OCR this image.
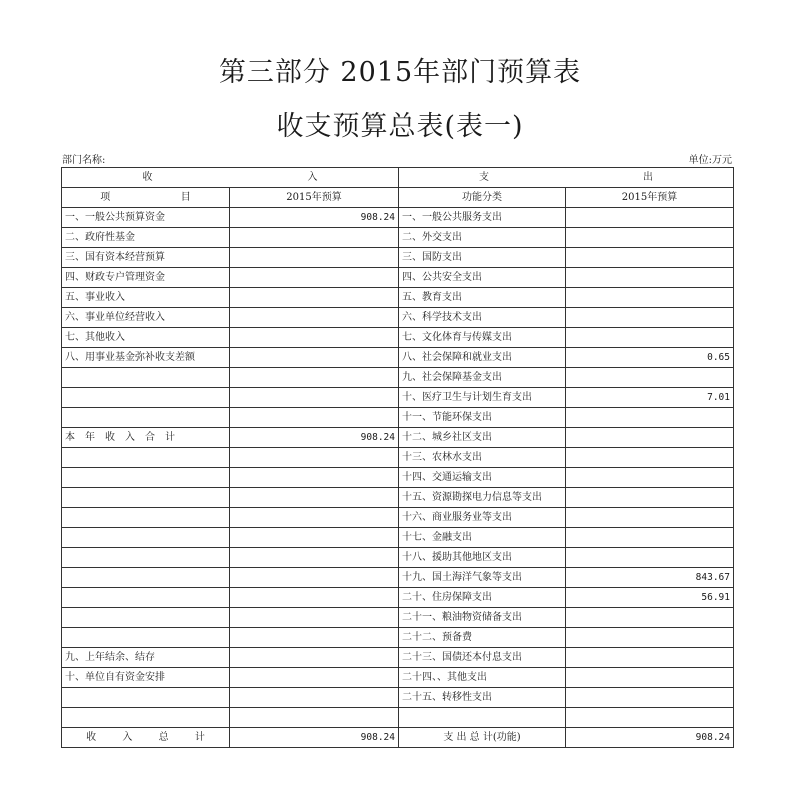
第三部分 2015年部门预算表
收支预算总表(表一)
部门名称:	单位:万元
收 入		支 出	

项 目	2015年预算	功能分类	2015年预算
一、一般公共预算资金	908.24	一、一般公共服务支出	
二、政府性基金		二、外交支出	
三、国有资本经营预算		三、国防支出	
四、财政专户管理资金		四、公共安全支出	
五、事业收入		五、教育支出	
六、事业单位经营收入		六、科学技术支出	
七、其他收入		七、文化体育与传媒支出	
八、用事业基金弥补收支差额		八、社会保障和就业支出	0.65
		九、社会保障基金支出	
		十、医疗卫生与计划生育支出	7.01
		十一、节能环保支出	
本年收入合计	908.24	十二、城乡社区支出	
		十三、农林水支出	
		十四、交通运输支出	
		十五、资源勘探电力信息等支出	
		十六、商业服务业等支出	
		十七、金融支出	
		十八、援助其他地区支出	
		十九、国土海洋气象等支出	843.67
		二十、住房保障支出	56.91
		二十一、粮油物资储备支出	
		二十二、预备费	
九、上年结余、结存		二十三、国债还本付息支出	
十、单位自有资金安排		二十四、、其他支出	
		二十五、转移性支出	

收 入 总 计	908.24	支 出 总 计(功能)	908.24
